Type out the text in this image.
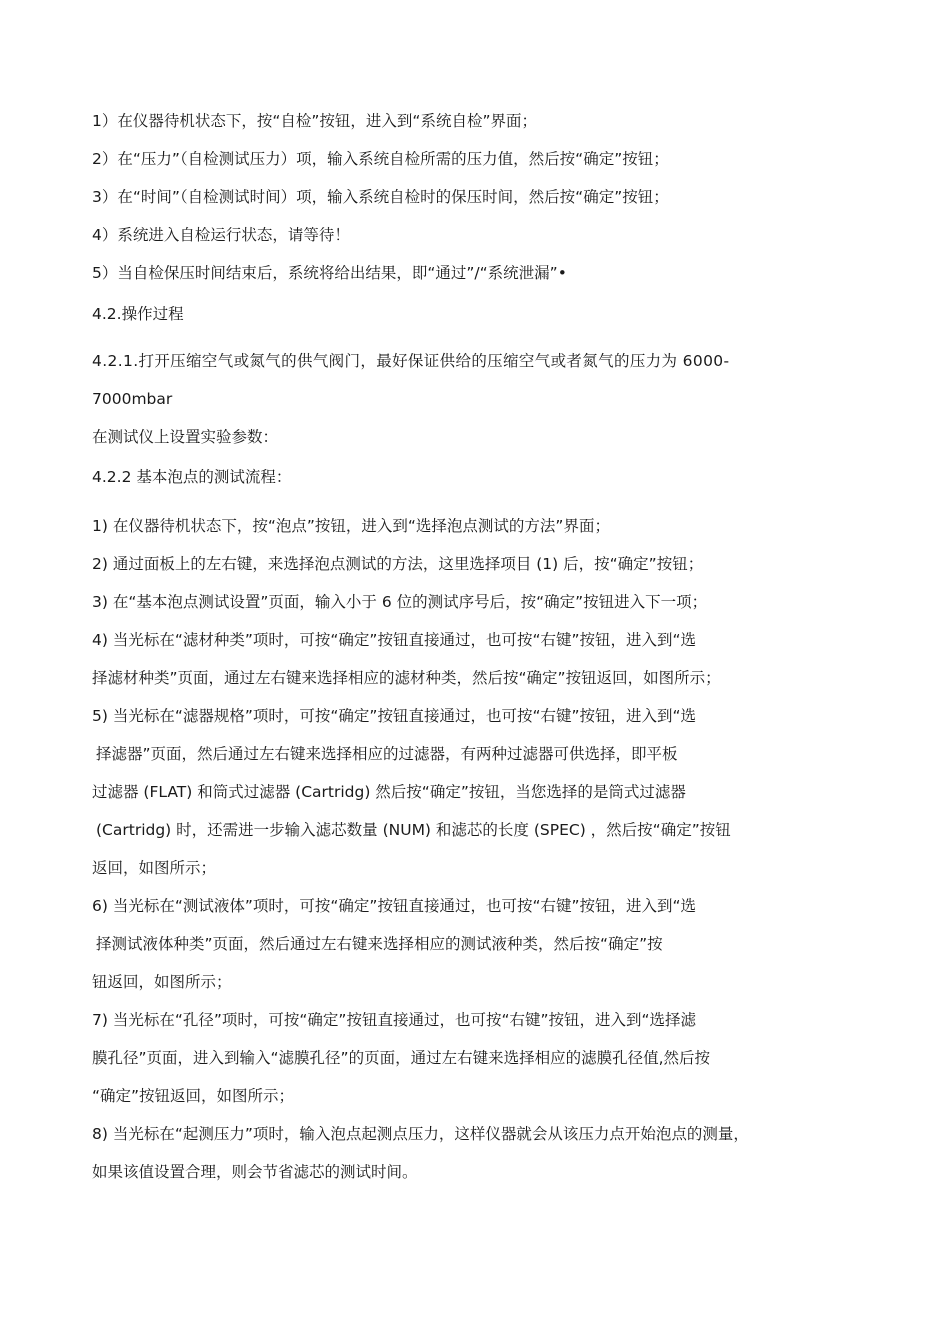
1）在仪器待机状态下，按“自检”按钮，进入到“系统自检”界面；
2）在“压力”（自检测试压力）项，输入系统自检所需的压力值，然后按“确定”按钮；
3）在“时间”（自检测试时间）项，输入系统自检时的保压时间，然后按“确定”按钮；
4）系统进入自检运行状态，请等待！
5）当自检保压时间结束后，系统将给出结果，即“通过”/“系统泄漏”•
4.2.操作过程
4.2.1.打开压缩空气或氮气的供气阀门，最好保证供给的压缩空气或者氮气的压力为 6000-
7000mbar
在测试仪上设置实验参数：
4.2.2 基本泡点的测试流程：
1) 在仪器待机状态下，按“泡点”按钮，进入到“选择泡点测试的方法”界面；
2) 通过面板上的左右键，来选择泡点测试的方法，这里选择项目 (1) 后，按“确定”按钮；
3) 在“基本泡点测试设置”页面，输入小于 6 位的测试序号后，按“确定”按钮进入下一项；
4) 当光标在“滤材种类”项时，可按“确定”按钮直接通过，也可按“右键”按钮，进入到“选
择滤材种类”页面，通过左右键来选择相应的滤材种类，然后按“确定”按钮返回，如图所示；
5) 当光标在“滤器规格”项时，可按“确定”按钮直接通过，也可按“右键”按钮，进入到“选
择滤器”页面，然后通过左右键来选择相应的过滤器，有两种过滤器可供选择，即平板
过滤器 (FLAT) 和筒式过滤器 (Cartridg) 然后按“确定”按钮，当您选择的是筒式过滤器
(Cartridg) 时，还需进一步输入滤芯数量 (NUM) 和滤芯的长度 (SPEC) ，然后按“确定”按钮
返回，如图所示；
6) 当光标在“测试液体”项时，可按“确定”按钮直接通过，也可按“右键”按钮，进入到“选
择测试液体种类”页面，然后通过左右键来选择相应的测试液种类，然后按“确定”按
钮返回，如图所示；
7) 当光标在“孔径”项时，可按“确定”按钮直接通过，也可按“右键”按钮，进入到“选择滤
膜孔径”页面，进入到输入“滤膜孔径”的页面，通过左右键来选择相应的滤膜孔径值,然后按
“确定”按钮返回，如图所示；
8) 当光标在“起测压力”项时，输入泡点起测点压力，这样仪器就会从该压力点开始泡点的测量，
如果该值设置合理，则会节省滤芯的测试时间。
